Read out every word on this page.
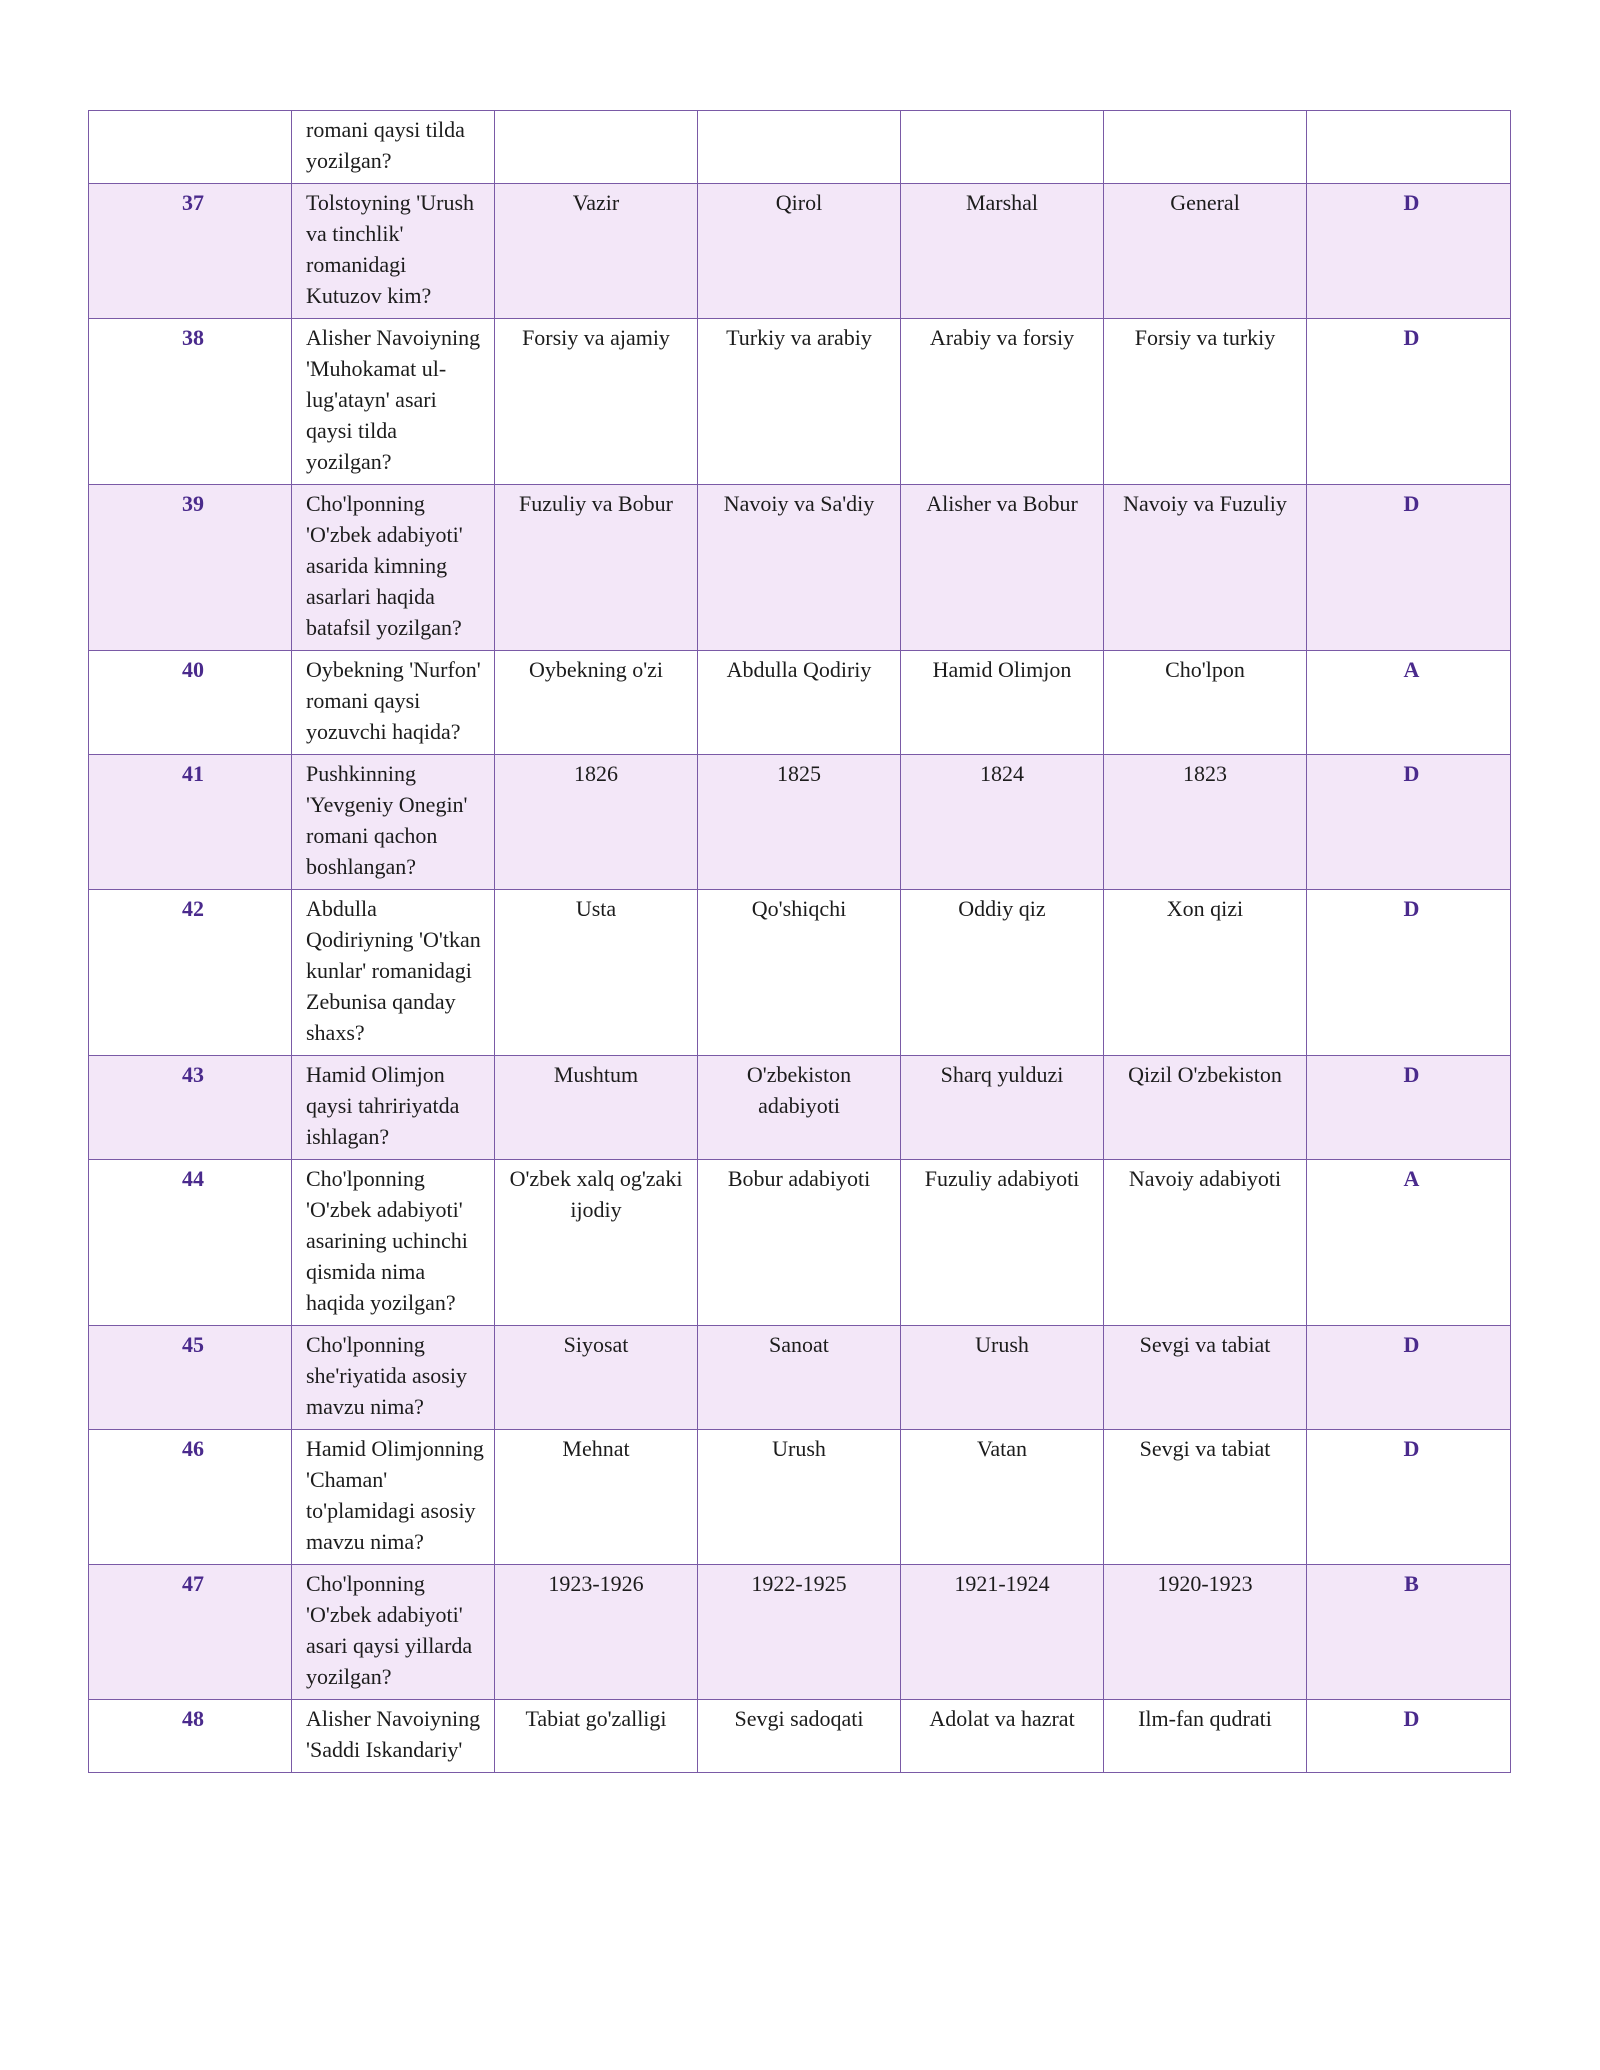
	romani qaysi tilda yozilgan?					
37	Tolstoyning 'Urush va tinchlik' romanidagi Kutuzov kim?	Vazir	Qirol	Marshal	General	D
38	Alisher Navoiyning 'Muhokamat ul-lug'atayn' asari qaysi tilda yozilgan?	Forsiy va ajamiy	Turkiy va arabiy	Arabiy va forsiy	Forsiy va turkiy	D
39	Cho'lponning 'O'zbek adabiyoti' asarida kimning asarlari haqida batafsil yozilgan?	Fuzuliy va Bobur	Navoiy va Sa'diy	Alisher va Bobur	Navoiy va Fuzuliy	D
40	Oybekning 'Nurfon' romani qaysi yozuvchi haqida?	Oybekning o'zi	Abdulla Qodiriy	Hamid Olimjon	Cho'lpon	A
41	Pushkinning 'Yevgeniy Onegin' romani qachon boshlangan?	1826	1825	1824	1823	D
42	Abdulla Qodiriyning 'O'tkan kunlar' romanidagi Zebunisa qanday shaxs?	Usta	Qo'shiqchi	Oddiy qiz	Xon qizi	D
43	Hamid Olimjon qaysi tahririyatda ishlagan?	Mushtum	O'zbekiston adabiyoti	Sharq yulduzi	Qizil O'zbekiston	D
44	Cho'lponning 'O'zbek adabiyoti' asarining uchinchi qismida nima haqida yozilgan?	O'zbek xalq og'zaki ijodiy	Bobur adabiyoti	Fuzuliy adabiyoti	Navoiy adabiyoti	A
45	Cho'lponning she'riyatida asosiy mavzu nima?	Siyosat	Sanoat	Urush	Sevgi va tabiat	D
46	Hamid Olimjonning 'Chaman' to'plamidagi asosiy mavzu nima?	Mehnat	Urush	Vatan	Sevgi va tabiat	D
47	Cho'lponning 'O'zbek adabiyoti' asari qaysi yillarda yozilgan?	1923-1926	1922-1925	1921-1924	1920-1923	B
48	Alisher Navoiyning 'Saddi Iskandariy'	Tabiat go'zalligi	Sevgi sadoqati	Adolat va hazrat	Ilm-fan qudrati	D
